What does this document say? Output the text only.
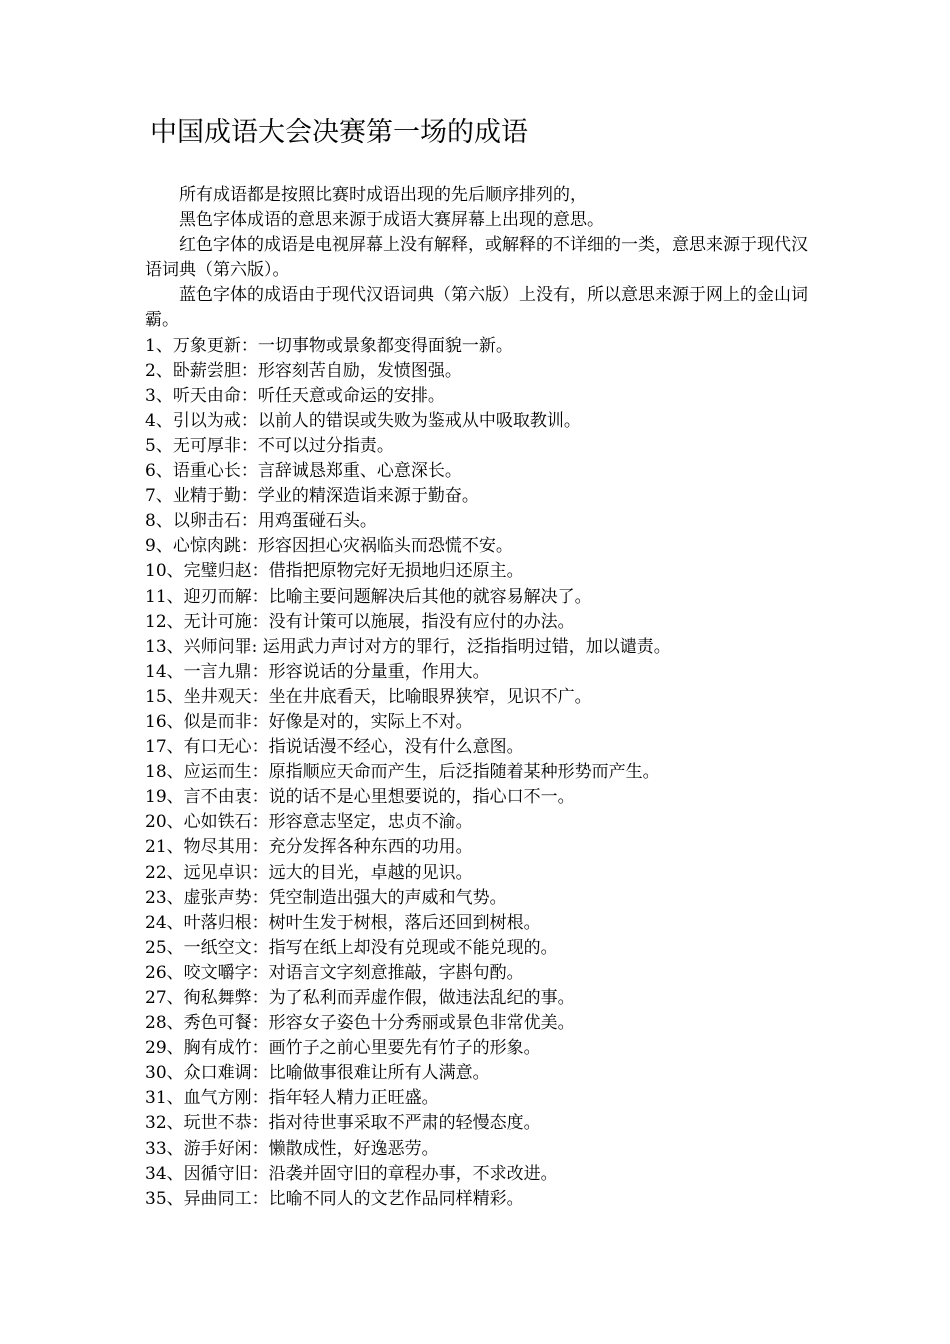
中国成语大会决赛第一场的成语

所有成语都是按照比赛时成语出现的先后顺序排列的，

黑色字体成语的意思来源于成语大赛屏幕上出现的意思。

红色字体的成语是电视屏幕上没有解释，或解释的不详细的一类，意思来源于现代汉语词典（第六版）。

蓝色字体的成语由于现代汉语词典（第六版）上没有，所以意思来源于网上的金山词霸。

1、万象更新：一切事物或景象都变得面貌一新。
2、卧薪尝胆：形容刻苦自励，发愤图强。
3、听天由命：听任天意或命运的安排。
4、引以为戒：以前人的错误或失败为鉴戒从中吸取教训。
5、无可厚非：不可以过分指责。
6、语重心长：言辞诚恳郑重、心意深长。
7、业精于勤：学业的精深造诣来源于勤奋。
8、以卵击石：用鸡蛋碰石头。
9、心惊肉跳：形容因担心灾祸临头而恐慌不安。
10、完璧归赵：借指把原物完好无损地归还原主。
11、迎刃而解：比喻主要问题解决后其他的就容易解决了。
12、无计可施：没有计策可以施展，指没有应付的办法。
13、兴师问罪: 运用武力声讨对方的罪行，泛指指明过错，加以谴责。
14、一言九鼎：形容说话的分量重，作用大。
15、坐井观天：坐在井底看天，比喻眼界狭窄，见识不广。
16、似是而非：好像是对的，实际上不对。
17、有口无心：指说话漫不经心，没有什么意图。
18、应运而生：原指顺应天命而产生，后泛指随着某种形势而产生。
19、言不由衷：说的话不是心里想要说的，指心口不一。
20、心如铁石：形容意志坚定，忠贞不渝。
21、物尽其用：充分发挥各种东西的功用。
22、远见卓识：远大的目光，卓越的见识。
23、虚张声势：凭空制造出强大的声威和气势。
24、叶落归根：树叶生发于树根，落后还回到树根。
25、一纸空文：指写在纸上却没有兑现或不能兑现的。
26、咬文嚼字：对语言文字刻意推敲，字斟句酌。
27、徇私舞弊：为了私利而弄虚作假，做违法乱纪的事。
28、秀色可餐：形容女子姿色十分秀丽或景色非常优美。
29、胸有成竹：画竹子之前心里要先有竹子的形象。
30、众口难调：比喻做事很难让所有人满意。
31、血气方刚：指年轻人精力正旺盛。
32、玩世不恭：指对待世事采取不严肃的轻慢态度。
33、游手好闲：懒散成性，好逸恶劳。
34、因循守旧：沿袭并固守旧的章程办事，不求改进。
35、异曲同工：比喻不同人的文艺作品同样精彩。
